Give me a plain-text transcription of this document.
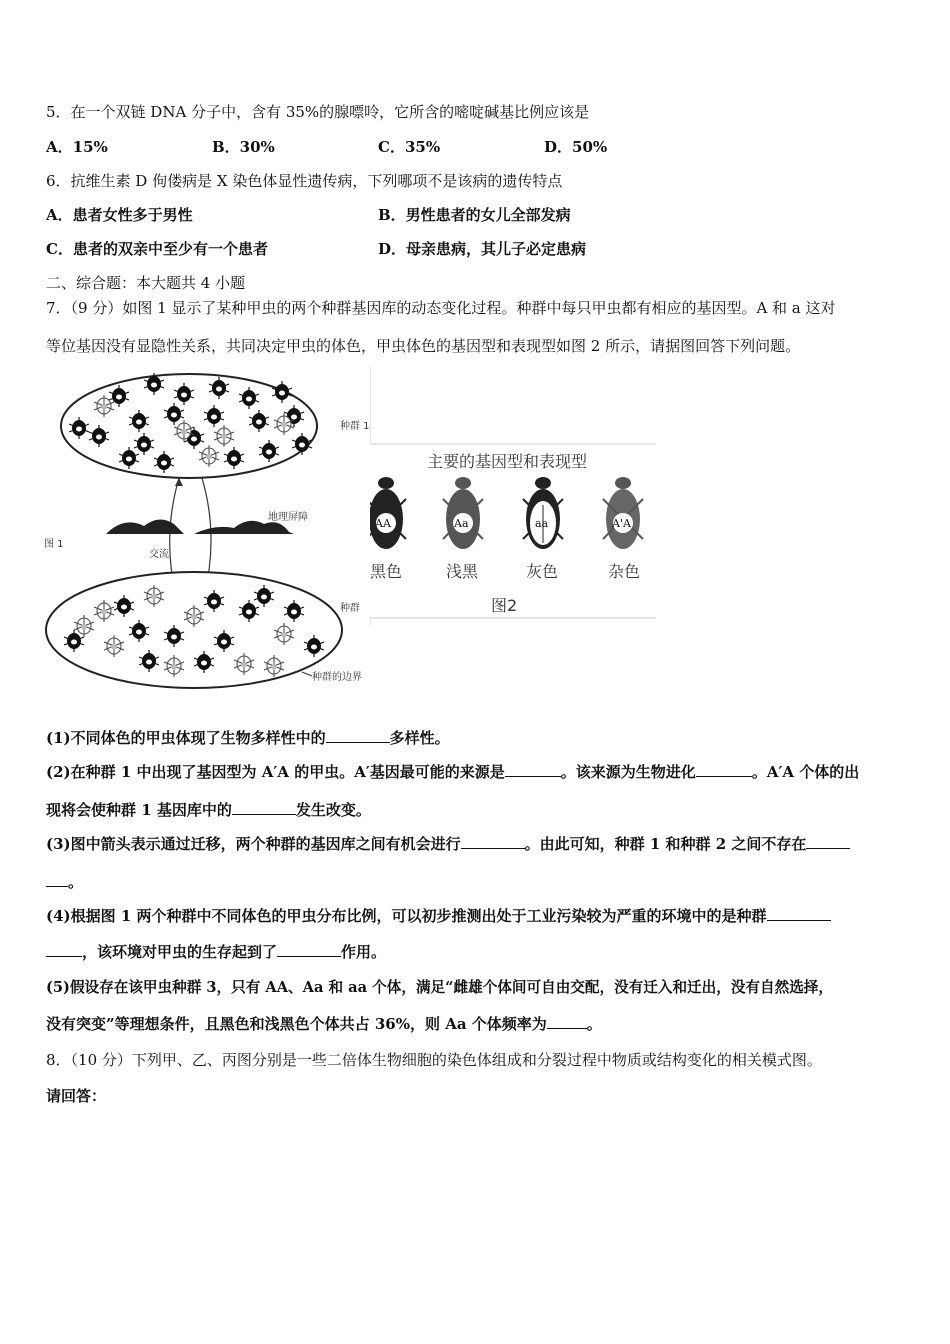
5．在一个双链 DNA 分子中，含有 35%的腺嘌呤，它所含的嘧啶碱基比例应该是
A．15%	B．30%	C．35%	D．50%
6．抗维生素 D 佝偻病是 X 染色体显性遗传病，下列哪项不是该病的遗传特点
A．患者女性多于男性	B．男性患者的女儿全部发病
C．患者的双亲中至少有一个患者	D．母亲患病，其儿子必定患病
二、综合题：本大题共 4 小题
7．（9 分）如图 1 显示了某种甲虫的两个种群基因库的动态变化过程。种群中每只甲虫都有相应的基因型。A 和 a 这对
等位基因没有显隐性关系，共同决定甲虫的体色，甲虫体色的基因型和表现型如图 2 所示，请据图回答下列问题。
种群 1
地理屏障
交流
图 1
种群
种群的边界
主要的基因型和表现型
AA	Aa	aa	A'A
黑色	浅黑	灰色	杂色
图2
(1)不同体色的甲虫体现了生物多样性中的	多样性。
(2)在种群 1 中出现了基因型为 A′A 的甲虫。A′基因最可能的来源是	。该来源为生物进化	。A′A 个体的出
现将会使种群 1 基因库中的	发生改变。
(3)图中箭头表示通过迁移，两个种群的基因库之间有机会进行	。由此可知，种群 1 和种群 2 之间不存在
。
(4)根据图 1 两个种群中不同体色的甲虫分布比例，可以初步推测出处于工业污染较为严重的环境中的是种群
，该环境对甲虫的生存起到了	作用。
(5)假设存在该甲虫种群 3，只有 AA、Aa 和 aa 个体，满足“雌雄个体间可自由交配，没有迁入和迁出，没有自然选择，
没有突变”等理想条件，且黑色和浅黑色个体共占 36%，则 Aa 个体频率为	。
8．（10 分）下列甲、乙、丙图分别是一些二倍体生物细胞的染色体组成和分裂过程中物质或结构变化的相关模式图。
请回答：
